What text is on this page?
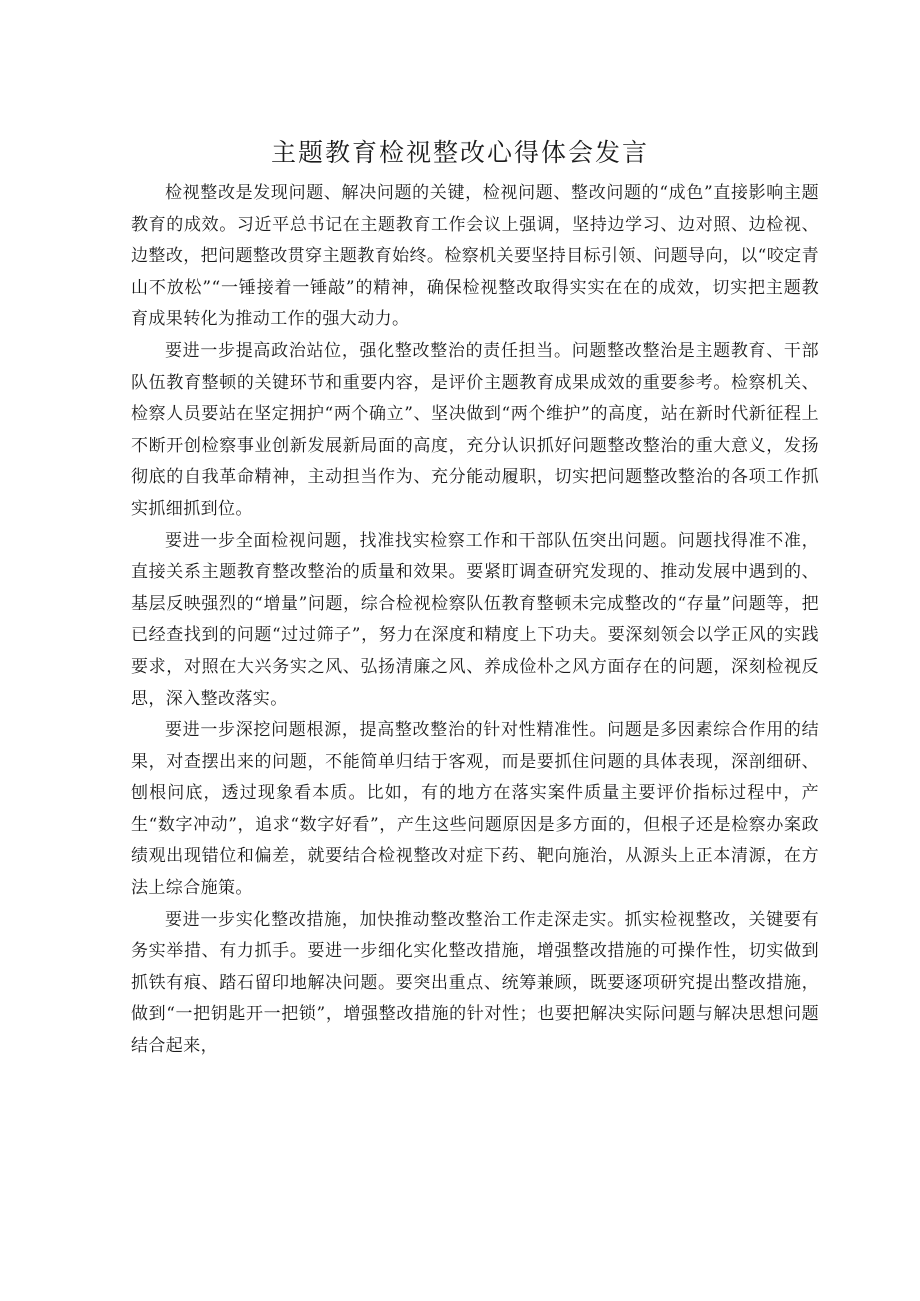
主题教育检视整改心得体会发言

检视整改是发现问题、解决问题的关键，检视问题、整改问题的“成色”直接影响主题教育的成效。习近平总书记在主题教育工作会议上强调，坚持边学习、边对照、边检视、边整改，把问题整改贯穿主题教育始终。检察机关要坚持目标引领、问题导向，以“咬定青山不放松”“一锤接着一锤敲”的精神，确保检视整改取得实实在在的成效，切实把主题教育成果转化为推动工作的强大动力。

要进一步提高政治站位，强化整改整治的责任担当。问题整改整治是主题教育、干部队伍教育整顿的关键环节和重要内容，是评价主题教育成果成效的重要参考。检察机关、检察人员要站在坚定拥护“两个确立”、坚决做到“两个维护”的高度，站在新时代新征程上不断开创检察事业创新发展新局面的高度，充分认识抓好问题整改整治的重大意义，发扬彻底的自我革命精神，主动担当作为、充分能动履职，切实把问题整改整治的各项工作抓实抓细抓到位。

要进一步全面检视问题，找准找实检察工作和干部队伍突出问题。问题找得准不准，直接关系主题教育整改整治的质量和效果。要紧盯调查研究发现的、推动发展中遇到的、基层反映强烈的“增量”问题，综合检视检察队伍教育整顿未完成整改的“存量”问题等，把已经查找到的问题“过过筛子”，努力在深度和精度上下功夫。要深刻领会以学正风的实践要求，对照在大兴务实之风、弘扬清廉之风、养成俭朴之风方面存在的问题，深刻检视反思，深入整改落实。

要进一步深挖问题根源，提高整改整治的针对性精准性。问题是多因素综合作用的结果，对查摆出来的问题，不能简单归结于客观，而是要抓住问题的具体表现，深剖细研、刨根问底，透过现象看本质。比如，有的地方在落实案件质量主要评价指标过程中，产生“数字冲动”，追求“数字好看”，产生这些问题原因是多方面的，但根子还是检察办案政绩观出现错位和偏差，就要结合检视整改对症下药、靶向施治，从源头上正本清源，在方法上综合施策。

要进一步实化整改措施，加快推动整改整治工作走深走实。抓实检视整改，关键要有务实举措、有力抓手。要进一步细化实化整改措施，增强整改措施的可操作性，切实做到抓铁有痕、踏石留印地解决问题。要突出重点、统筹兼顾，既要逐项研究提出整改措施，做到“一把钥匙开一把锁”，增强整改措施的针对性；也要把解决实际问题与解决思想问题结合起来，
